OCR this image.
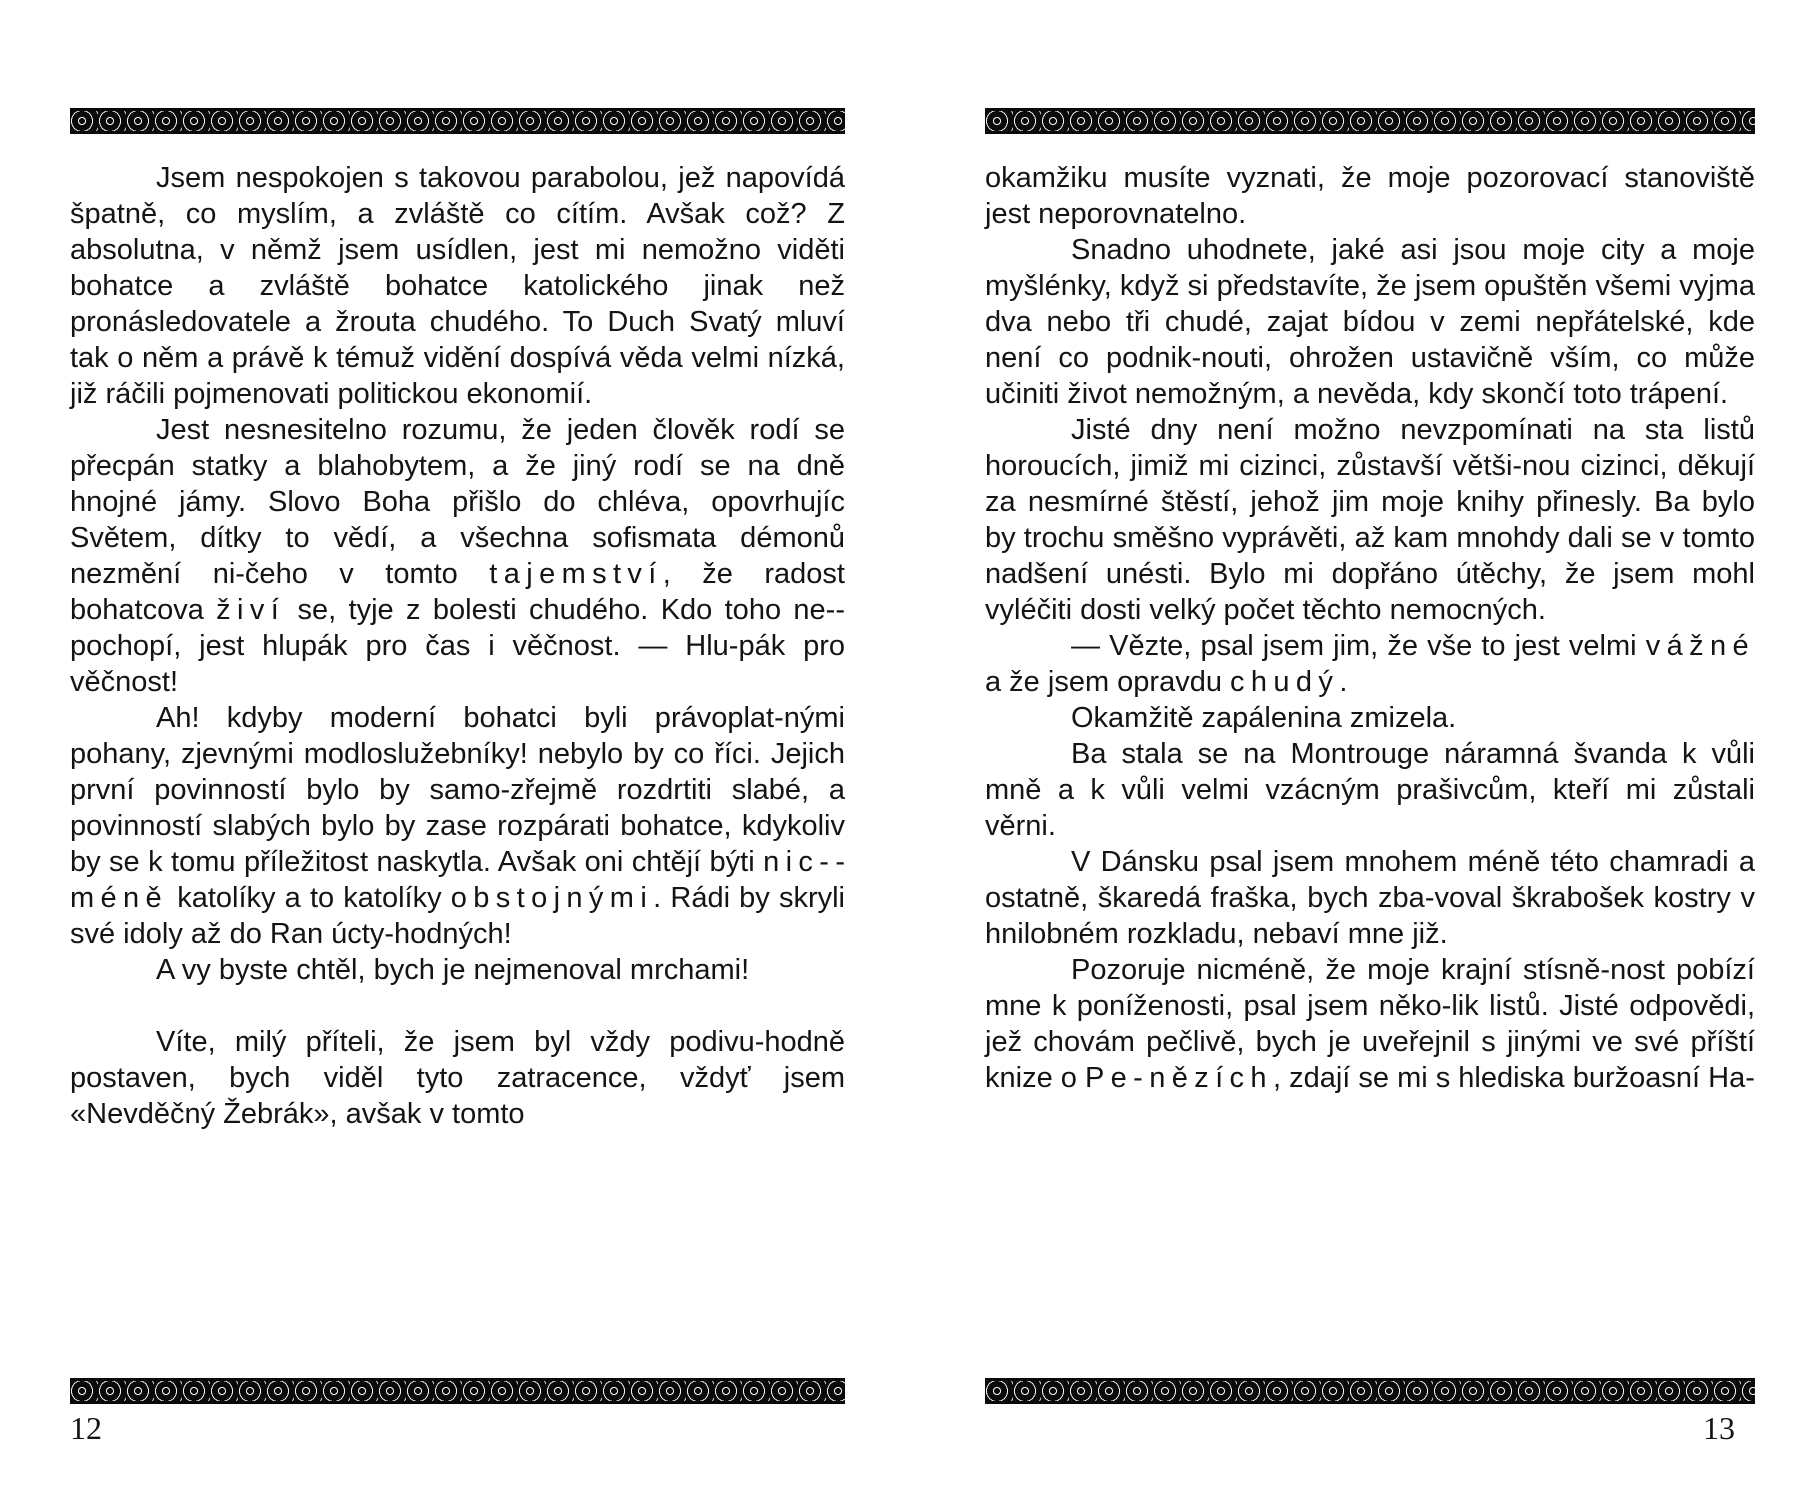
Jsem nespokojen s takovou parabolou, jež napovídá špatně, co myslím, a zvláště co cítím. Avšak což? Z absolutna, v němž jsem usídlen, jest mi nemožno viděti bohatce a zvláště bohatce katolického jinak než pronásledovatele a žrouta chudého. To Duch Svatý mluví tak o něm a právě k témuž vidění dospívá věda velmi nízká, již ráčili pojmenovati politickou ekonomií.

Jest nesnesitelno rozumu, že jeden člověk rodí se přecpán statky a blahobytem, a že jiný rodí se na dně hnojné jámy. Slovo Boha přišlo do chléva, opovrhujíc Světem, dítky to vědí, a všechna sofismata démonů nezmění ni-čeho v tomto tajemství, že radost bohatcova živí se, tyje z bolesti chudého. Kdo toho ne-pochopí, jest hlupák pro čas i věčnost. — Hlu-pák pro věčnost!

Ah! kdyby moderní bohatci byli právoplat-nými pohany, zjevnými modloslužebníky! nebylo by co říci. Jejich první povinností bylo by samo-zřejmě rozdrtiti slabé, a povinností slabých bylo by zase rozpárati bohatce, kdykoliv by se k tomu příležitost naskytla. Avšak oni chtějí býti nic-méně katolíky a to katolíky obstojnými. Rádi by skryli své idoly až do Ran úcty-hodných!

A vy byste chtěl, bych je nejmenoval mrchami!

Víte, milý příteli, že jsem byl vždy podivu-hodně postaven, bych viděl tyto zatracence, vždyť jsem «Nevděčný Žebrák», avšak v tomto

12

okamžiku musíte vyznati, že moje pozorovací stanoviště jest neporovnatelno.

Snadno uhodnete, jaké asi jsou moje city a moje myšlénky, když si představíte, že jsem opuštěn všemi vyjma dva nebo tři chudé, zajat bídou v zemi nepřátelské, kde není co podnik-nouti, ohrožen ustavičně vším, co může učiniti život nemožným, a nevěda, kdy skončí toto trápení.

Jisté dny není možno nevzpomínati na sta listů horoucích, jimiž mi cizinci, zůstavší větši-nou cizinci, děkují za nesmírné štěstí, jehož jim moje knihy přinesly. Ba bylo by trochu směšno vyprávěti, až kam mnohdy dali se v tomto nadšení unésti. Bylo mi dopřáno útěchy, že jsem mohl vyléčiti dosti velký počet těchto nemocných.

— Vězte, psal jsem jim, že vše to jest velmi vážné a že jsem opravdu chudý.

Okamžitě zapálenina zmizela.

Ba stala se na Montrouge náramná švanda k vůli mně a k vůli velmi vzácným prašivcům, kteří mi zůstali věrni.

V Dánsku psal jsem mnohem méně této chamradi a ostatně, škaredá fraška, bych zba-voval škrabošek kostry v hnilobném rozkladu, nebaví mne již.

Pozoruje nicméně, že moje krajní stísně-nost pobízí mne k poníženosti, psal jsem něko-lik listů. Jisté odpovědi, jež chovám pečlivě, bych je uveřejnil s jinými ve své příští knize o Pe-nězích, zdají se mi s hlediska buržoasní Ha-

13
